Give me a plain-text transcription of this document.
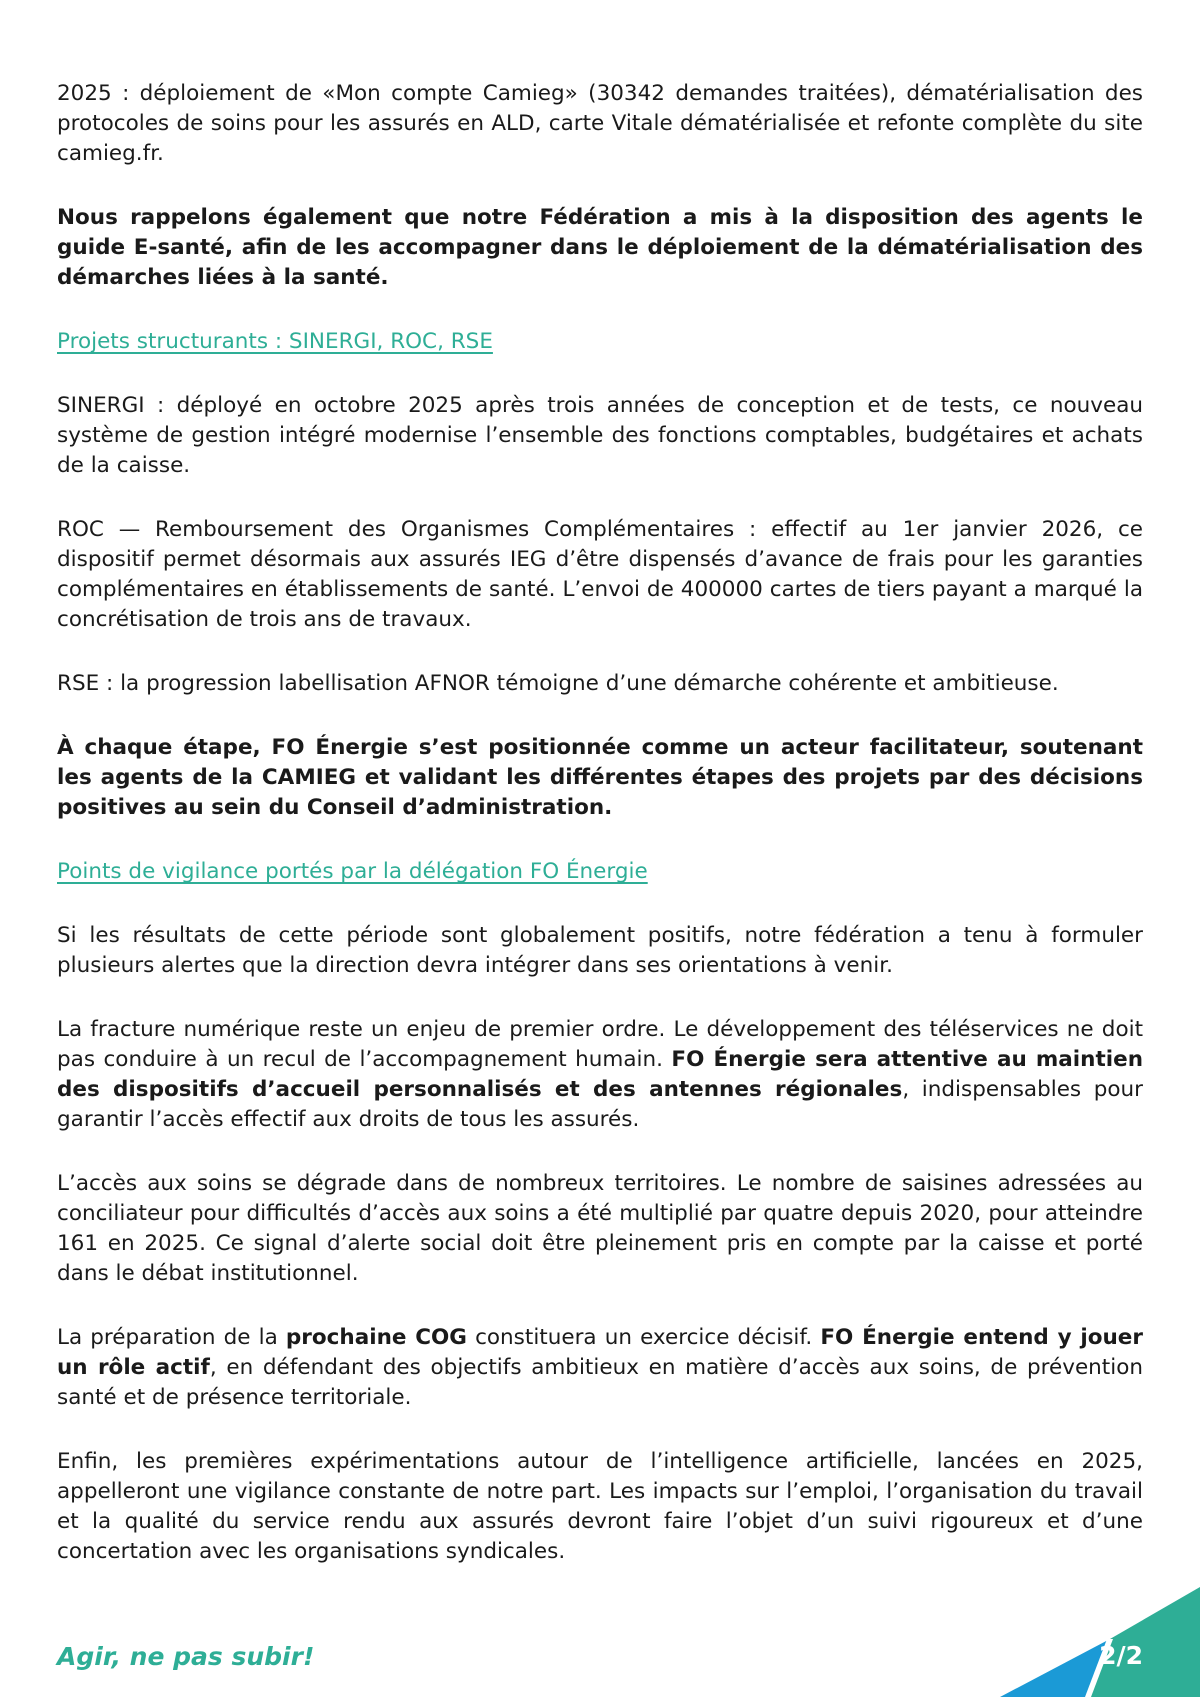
2025 : déploiement de «Mon compte Camieg» (30342 demandes traitées), dématérialisation des protocoles de soins pour les assurés en ALD, carte Vitale dématérialisée et refonte complète du site camieg.fr.

Nous rappelons également que notre Fédération a mis à la disposition des agents le guide E-santé, afin de les accompagner dans le déploiement de la dématérialisation des démarches liées à la santé.

Projets structurants : SINERGI, ROC, RSE

SINERGI : déployé en octobre 2025 après trois années de conception et de tests, ce nouveau système de gestion intégré modernise l’ensemble des fonctions comptables, budgétaires et achats de la caisse.

ROC — Remboursement des Organismes Complémentaires : effectif au 1er janvier 2026, ce dispositif permet désormais aux assurés IEG d’être dispensés d’avance de frais pour les garanties complémentaires en établissements de santé. L’envoi de 400000 cartes de tiers payant a marqué la concrétisation de trois ans de travaux.

RSE : la progression labellisation AFNOR témoigne d’une démarche cohérente et ambitieuse.

À chaque étape, FO Énergie s’est positionnée comme un acteur facilitateur, soutenant les agents de la CAMIEG et validant les différentes étapes des projets par des décisions positives au sein du Conseil d’administration.

Points de vigilance portés par la délégation FO Énergie

Si les résultats de cette période sont globalement positifs, notre fédération a tenu à formuler plusieurs alertes que la direction devra intégrer dans ses orientations à venir.

La fracture numérique reste un enjeu de premier ordre. Le développement des téléservices ne doit pas conduire à un recul de l’accompagnement humain. FO Énergie sera attentive au maintien des dispositifs d’accueil personnalisés et des antennes régionales, indispensables pour garantir l’accès effectif aux droits de tous les assurés.

L’accès aux soins se dégrade dans de nombreux territoires. Le nombre de saisines adressées au conciliateur pour difficultés d’accès aux soins a été multiplié par quatre depuis 2020, pour atteindre 161 en 2025. Ce signal d’alerte social doit être pleinement pris en compte par la caisse et porté dans le débat institutionnel.

La préparation de la prochaine COG constituera un exercice décisif. FO Énergie entend y jouer un rôle actif, en défendant des objectifs ambitieux en matière d’accès aux soins, de prévention santé et de présence territoriale.

Enfin, les premières expérimentations autour de l’intelligence artificielle, lancées en 2025, appelleront une vigilance constante de notre part. Les impacts sur l’emploi, l’organisation du travail et la qualité du service rendu aux assurés devront faire l’objet d’un suivi rigoureux et d’une concertation avec les organisations syndicales.

Agir, ne pas subir!	2/2
